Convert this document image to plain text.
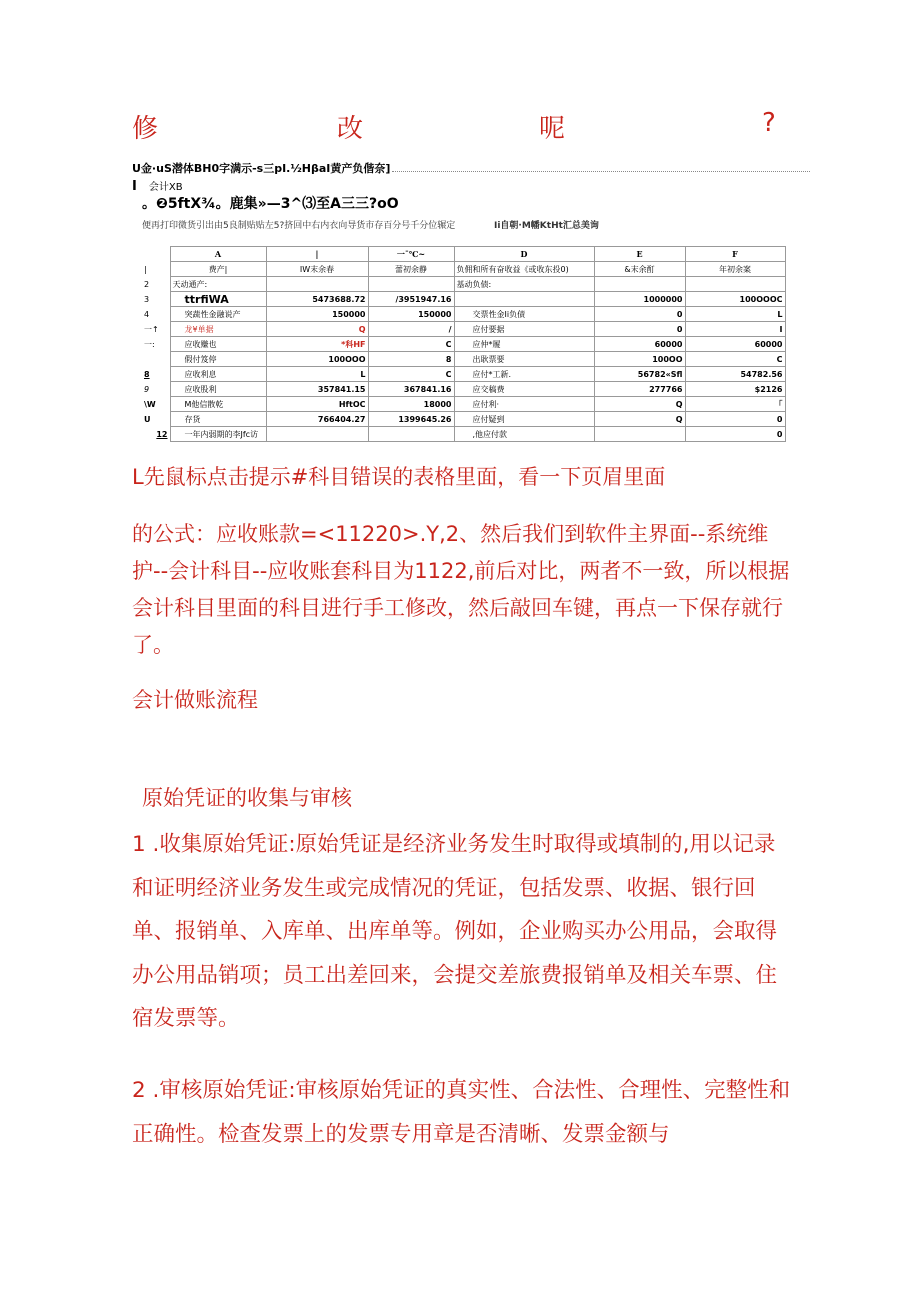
修	改	呢	?
U金·uS潜体BH0字满示-s三pI.½HβaI黄产负偕奈]
I 会计XB
。❷5ftX¾。鹿集»—3^⑶至A三三?oO
便再打印微货引出由5良制贴贴左5?挤回中右内衣向导货市存百分号千分位辗定	Ii自朝·M幡KtHt汇总美询
	A	|	一ˉ℃~	D	E	F
|	费产|	IW末余春	蕾初余静	负佣和所有奋收益《或收东投0)	&末余酊	年初余案
2	天动通产:			基动负债:		
3	ttrfiWA	5473688.72	/3951947.16		1000000	100OOOC
4	突蔬性金融说产	150000	150000	交票性金Ii负债	0	L
一↑	龙¥单据	Q	/	应付要据	0	I
一:	应收赚也	*科HF	C	应仲*履	60000	60000
	假付笈停	100OOO	8	出耿票要	100OO	C
8	应收利息	L	C	应付*工新.	56782«Sfl	54782.56
9	应收股利	357841.15	367841.16	应交稿费	277766	$2126
\W	M他信散乾	HftOC	18000	应付利·	Q	「
U	存货	766404.27	1399645.26	应付疑到	Q	0
12	一年内弱期的李Jfc访			,他应付款		0
L先鼠标点击提示#科目错误的表格里面，看一下页眉里面
的公式：应收账款=<11220>.Y,2、然后我们到软件主界面--系统维护--会计科目--应收账套科目为1122,前后对比，两者不一致，所以根据会计科目里面的科目进行手工修改，然后敲回车键，再点一下保存就行了。
会计做账流程
原始凭证的收集与审核
1 .收集原始凭证:原始凭证是经济业务发生时取得或填制的,用以记录和证明经济业务发生或完成情况的凭证，包括发票、收据、银行回单、报销单、入库单、出库单等。例如，企业购买办公用品，会取得办公用品销项；员工出差回来，会提交差旅费报销单及相关车票、住宿发票等。
2 .审核原始凭证:审核原始凭证的真实性、合法性、合理性、完整性和正确性。检查发票上的发票专用章是否清晰、发票金额与
